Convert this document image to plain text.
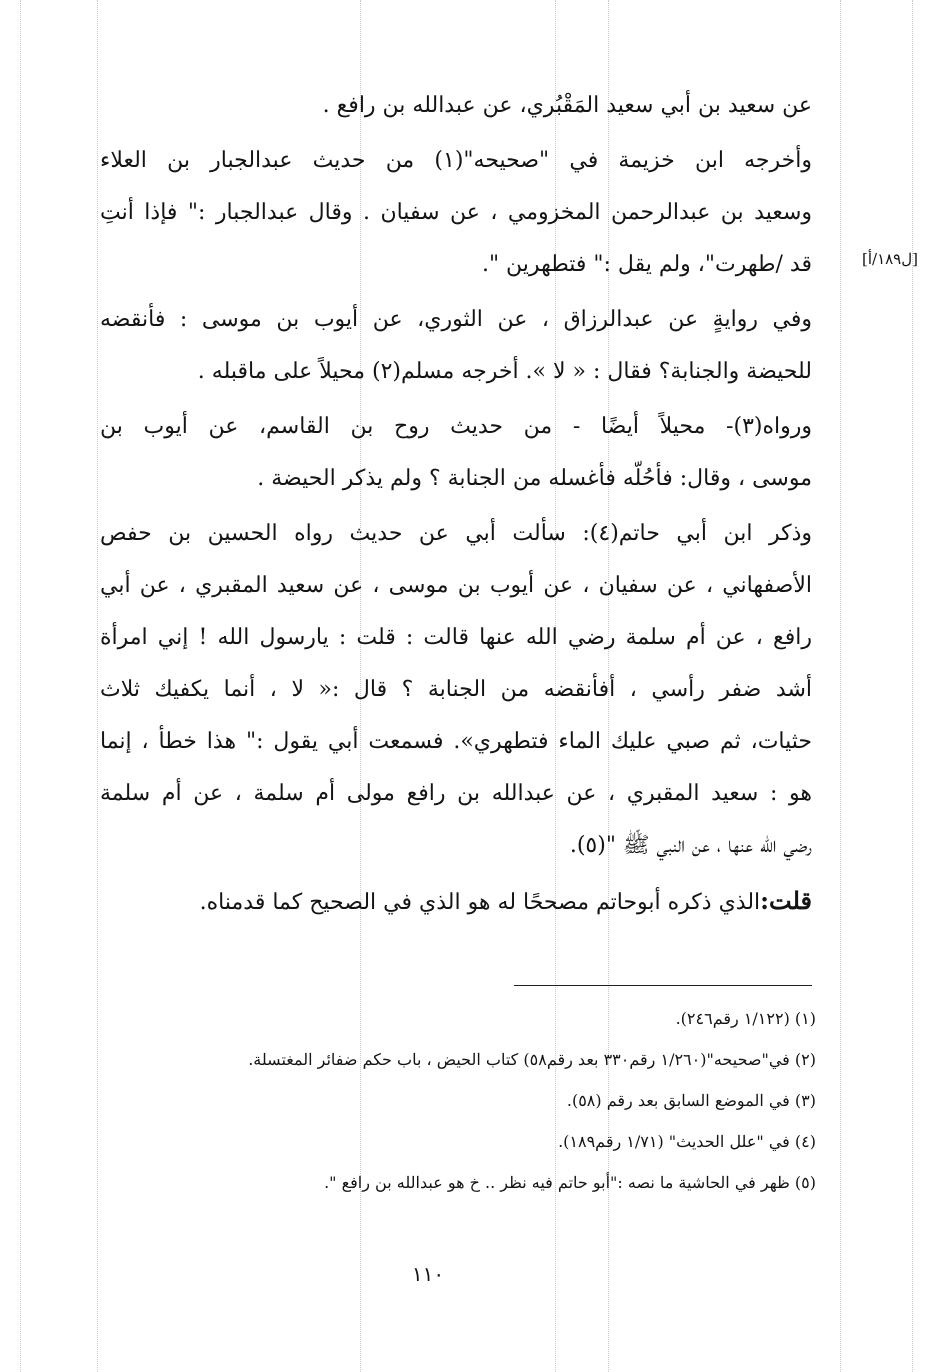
[ل١٨٩/أ]
عن سعيد بن أبي سعيد المَقْبُري، عن عبدالله بن رافع .
وأخرجه ابن خزيمة في "صحيحه"(١) من حديث عبدالجبار بن العلاء
وسعيد بن عبدالرحمن المخزومي ، عن سفيان . وقال عبدالجبار :" فإذا أنتِ
قد /طهرت"، ولم يقل :" فتطهرين ".
وفي روايةٍ عن عبدالرزاق ، عن الثوري، عن أيوب بن موسى : فأنقضه
للحيضة والجنابة؟ فقال : « لا ». أخرجه مسلم(٢) محيلاً على ماقبله .
ورواه(٣)- محيلاً أيضًا - من حديث روح بن القاسم، عن أيوب بن
موسى ، وقال: فأحُلّه فأغسله من الجنابة ؟ ولم يذكر الحيضة .
وذكر ابن أبي حاتم(٤): سألت أبي عن حديث رواه الحسين بن حفص
الأصفهاني ، عن سفيان ، عن أيوب بن موسى ، عن سعيد المقبري ، عن أبي
رافع ، عن أم سلمة رضي الله عنها قالت : قلت : يارسول الله ! إني امرأة
أشد ضفر رأسي ، أفأنقضه من الجنابة ؟ قال :« لا ، أنما يكفيك ثلاث
حثيات، ثم صبي عليك الماء فتطهري». فسمعت أبي يقول :" هذا خطأ ، إنما
هو : سعيد المقبري ، عن عبدالله بن رافع مولى أم سلمة ، عن أم سلمة
رضي الله عنها ، عن النبي ﷺ "(٥).
قلت:الذي ذكره أبوحاتم مصححًا له هو الذي في الصحيح كما قدمناه.
(١) (١/١٢٢ رقم٢٤٦).
(٢) في"صحيحه"(١/٢٦٠ رقم٣٣٠ بعد رقم٥٨) كتاب الحيض ، باب حكم ضفائر المغتسلة.
(٣) في الموضع السابق بعد رقم (٥٨).
(٤) في "علل الحديث" (١/٧١ رقم١٨٩).
(٥) ظهر في الحاشية ما نصه :"أبو حاتم فيه نظر .. خ هو عبدالله بن رافع ".
١١٠
